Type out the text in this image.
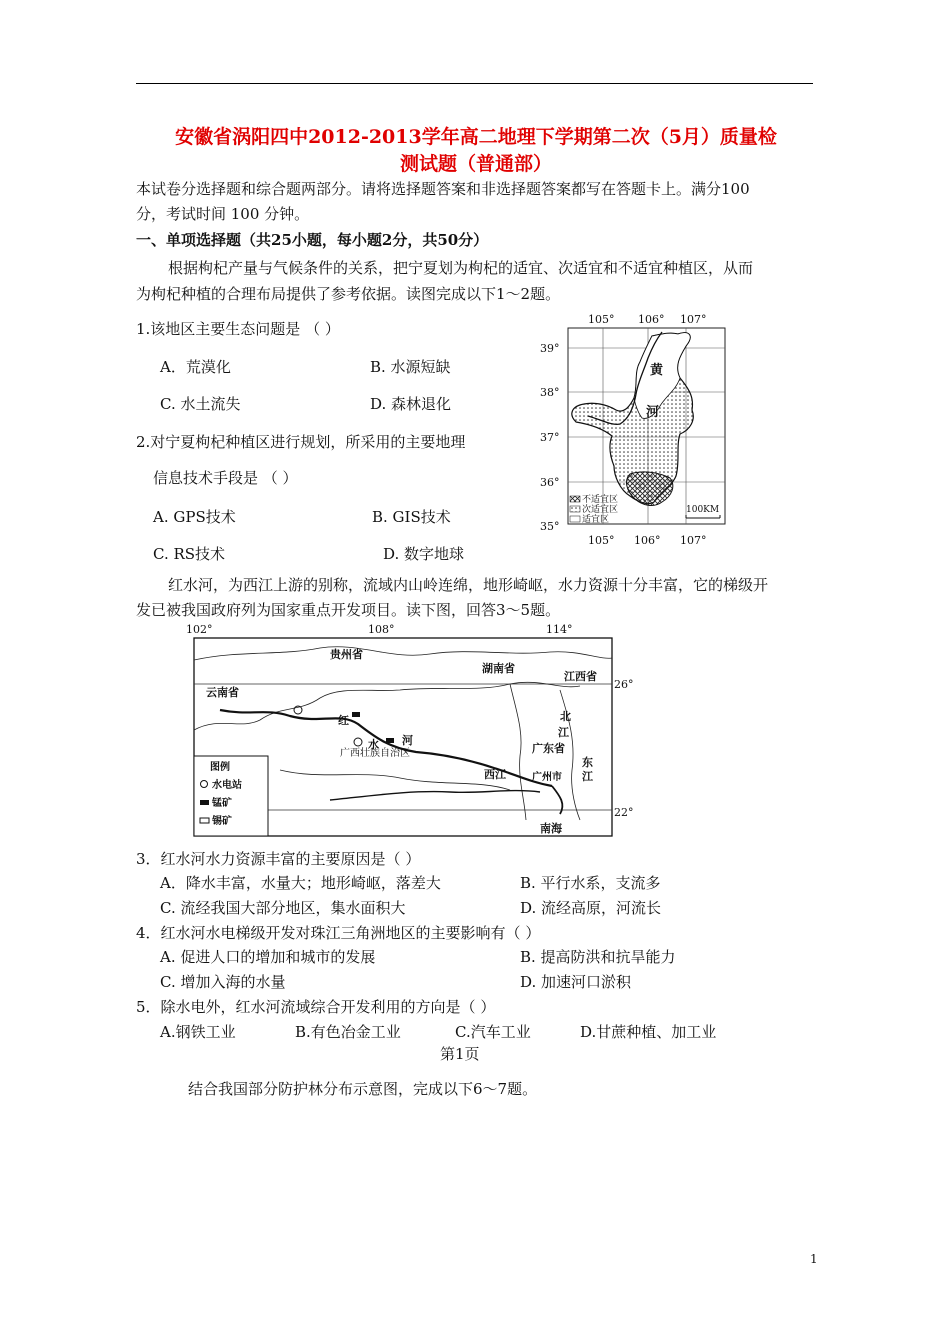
安徽省涡阳四中2012-2013学年高二地理下学期第二次（5月）质量检
测试题（普通部）
本试卷分选择题和综合题两部分。请将选择题答案和非选择题答案都写在答题卡上。满分100
分，考试时间 100 分钟。
一、单项选择题（共25小题，每小题2分，共50分）
根据枸杞产量与气候条件的关系，把宁夏划为枸杞的适宜、次适宜和不适宜种植区，从而
为枸杞种植的合理布局提供了参考依据。读图完成以下1～2题。
1.该地区主要生态问题是 （ ）
A．荒漠化	B. 水源短缺
C. 水土流失	D. 森林退化
2.对宁夏枸杞种植区进行规划，所采用的主要地理
信息技术手段是 （ ）
A. GPS技术	B. GIS技术
C. RS技术	D. 数字地球
105° 106° 107°
39°
38°
37°
36°
35°
105° 106° 107°
黄
河
不适宜区
次适宜区
适宜区
100KM
红水河，为西江上游的别称，流域内山岭连绵，地形崎岖，水力资源十分丰富，它的梯级开
发已被我国政府列为国家重点开发项目。读下图，回答3～5题。
102°	108°	114°
26°
22°
贵州省
湖南省
江西省
云南省
广西壮族自治区	广东省
红
水 河
北
江
东
江
西江	广州市
南海
图例
水电站
锰矿
锡矿
3．红水河水力资源丰富的主要原因是（ ）
A．降水丰富，水量大；地形崎岖，落差大	B. 平行水系，支流多
C. 流经我国大部分地区，集水面积大	D. 流经高原，河流长
4．红水河水电梯级开发对珠江三角洲地区的主要影响有（ ）
A. 促进人口的增加和城市的发展	B. 提高防洪和抗旱能力
C. 增加入海的水量	D. 加速河口淤积
5．除水电外，红水河流域综合开发利用的方向是（ ）
A.钢铁工业	B.有色冶金工业	C.汽车工业	D.甘蔗种植、加工业
第1页
结合我国部分防护林分布示意图，完成以下6～7题。
1
